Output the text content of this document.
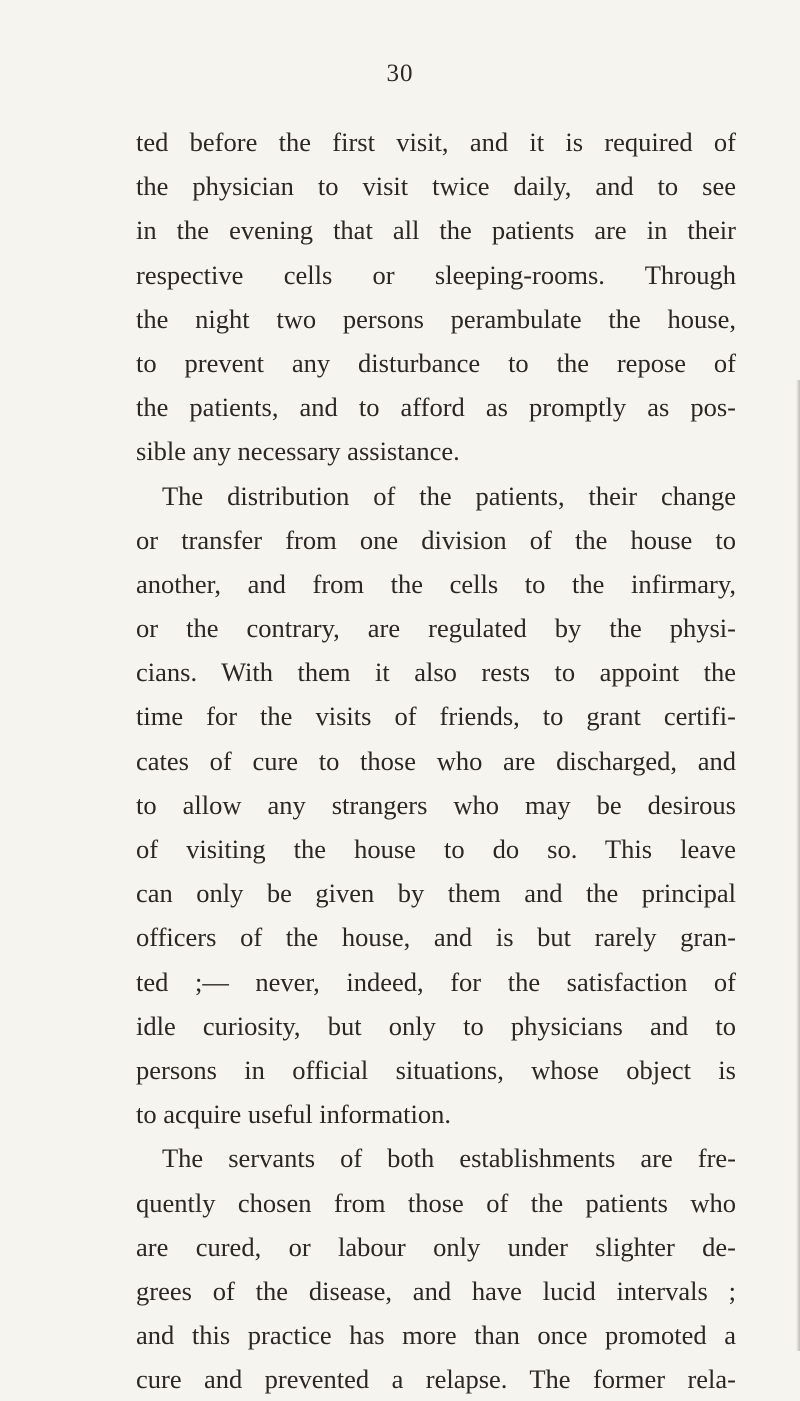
30
ted before the first visit, and it is required of
the physician to visit twice daily, and to see
in the evening that all the patients are in their
respective cells or sleeping-rooms. Through
the night two persons perambulate the house,
to prevent any disturbance to the repose of
the patients, and to afford as promptly as pos-
sible any necessary assistance.
The distribution of the patients, their change
or transfer from one division of the house to
another, and from the cells to the infirmary,
or the contrary, are regulated by the physi-
cians. With them it also rests to appoint the
time for the visits of friends, to grant certifi-
cates of cure to those who are discharged, and
to allow any strangers who may be desirous
of visiting the house to do so. This leave
can only be given by them and the principal
officers of the house, and is but rarely gran-
ted ;— never, indeed, for the satisfaction of
idle curiosity, but only to physicians and to
persons in official situations, whose object is
to acquire useful information.
The servants of both establishments are fre-
quently chosen from those of the patients who
are cured, or labour only under slighter de-
grees of the disease, and have lucid intervals ;
and this practice has more than once promoted a
cure and prevented a relapse. The former rela-
